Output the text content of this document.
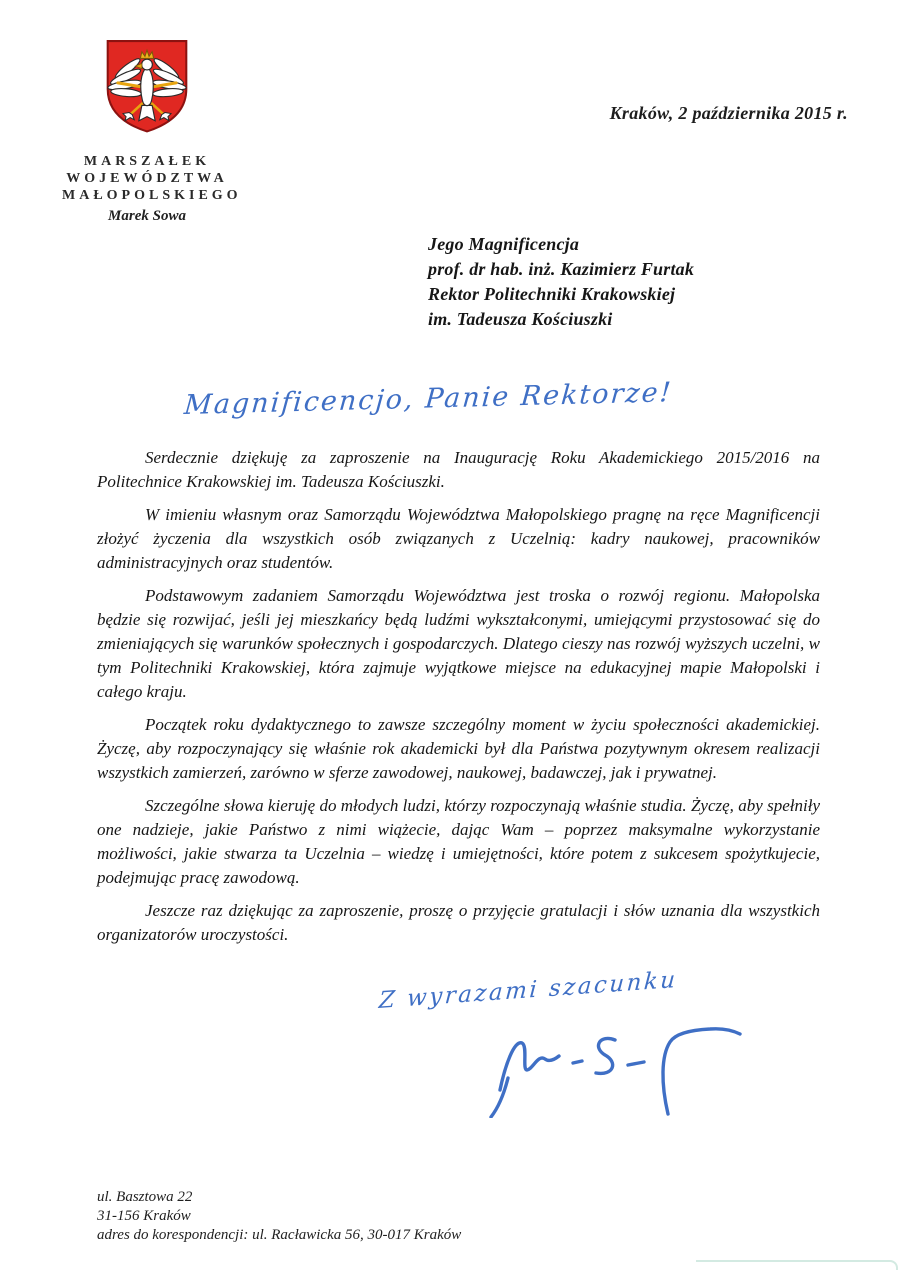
MARSZAŁEK
WOJEWÓDZTWA
MAŁOPOLSKIEGO
Marek Sowa
Kraków, 2 października 2015 r.
Jego Magnificencja
prof. dr hab. inż. Kazimierz Furtak
Rektor Politechniki Krakowskiej
im. Tadeusza Kościuszki
Magnificencjo, Panie Rektorze!

Serdecznie dziękuję za zaproszenie na Inaugurację Roku Akademickiego 2015/2016 na Politechnice Krakowskiej im. Tadeusza Kościuszki.

W imieniu własnym oraz Samorządu Województwa Małopolskiego pragnę na ręce Magnificencji złożyć życzenia dla wszystkich osób związanych z Uczelnią: kadry naukowej, pracowników administracyjnych oraz studentów.

Podstawowym zadaniem Samorządu Województwa jest troska o rozwój regionu. Małopolska będzie się rozwijać, jeśli jej mieszkańcy będą ludźmi wykształconymi, umiejącymi przystosować się do zmieniających się warunków społecznych i gospodarczych. Dlatego cieszy nas rozwój wyższych uczelni, w tym Politechniki Krakowskiej, która zajmuje wyjątkowe miejsce na edukacyjnej mapie Małopolski i całego kraju.

Początek roku dydaktycznego to zawsze szczególny moment w życiu społeczności akademickiej. Życzę, aby rozpoczynający się właśnie rok akademicki był dla Państwa pozytywnym okresem realizacji wszystkich zamierzeń, zarówno w sferze zawodowej, naukowej, badawczej, jak i prywatnej.

Szczególne słowa kieruję do młodych ludzi, którzy rozpoczynają właśnie studia. Życzę, aby spełniły one nadzieje, jakie Państwo z nimi wiążecie, dając Wam – poprzez maksymalne wykorzystanie możliwości, jakie stwarza ta Uczelnia – wiedzę i umiejętności, które potem z sukcesem spożytkujecie, podejmując pracę zawodową.

Jeszcze raz dziękując za zaproszenie, proszę o przyjęcie gratulacji i słów uznania dla wszystkich organizatorów uroczystości.

Z wyrazami szacunku
ul. Basztowa 22
31-156 Kraków
adres do korespondencji: ul. Racławicka 56, 30-017 Kraków
